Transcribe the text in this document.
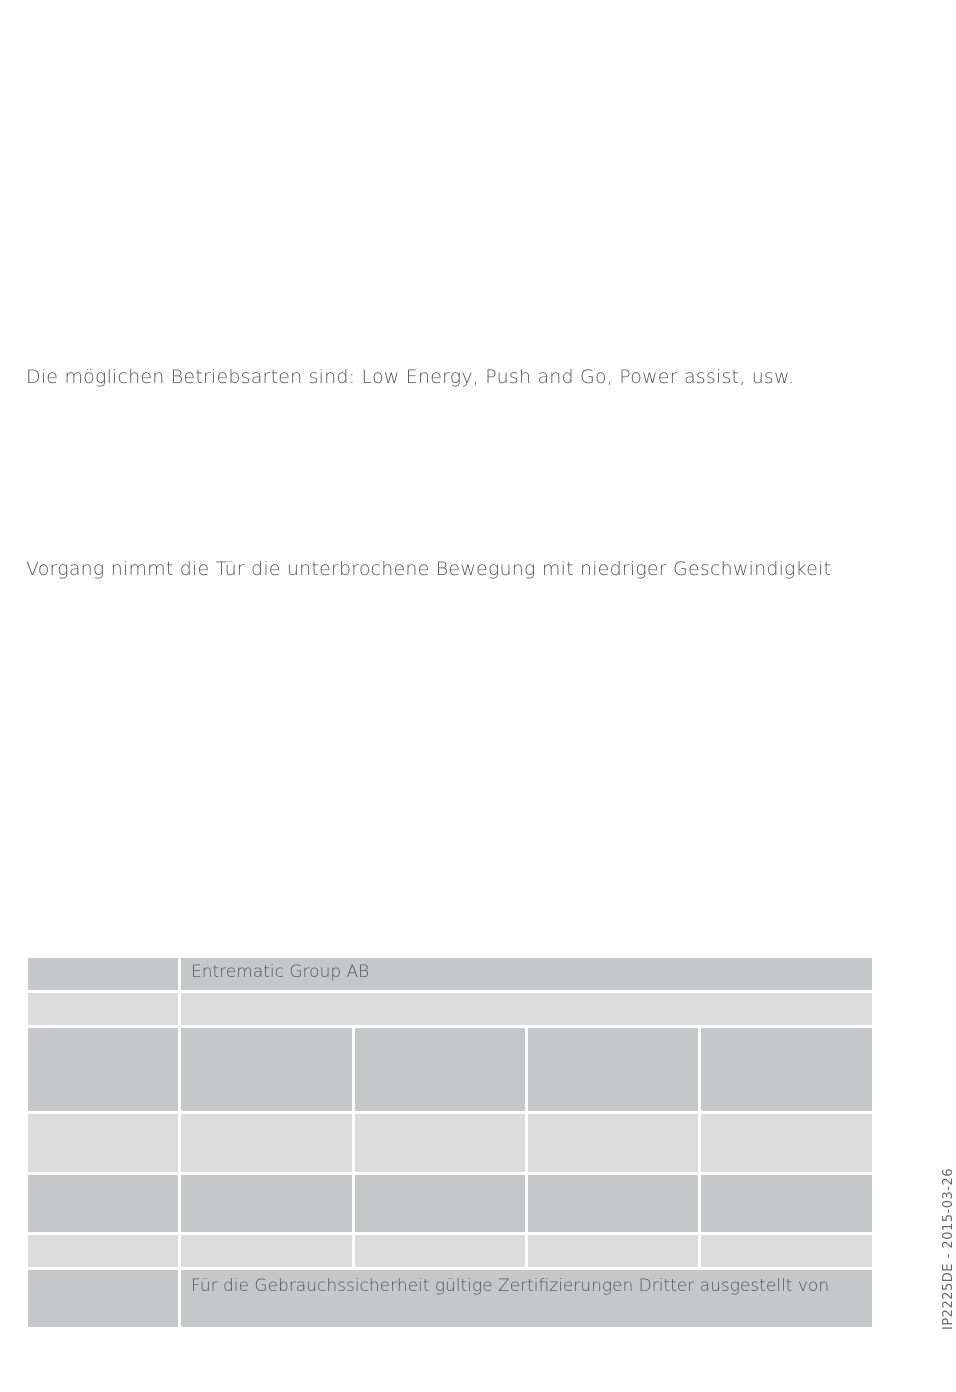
Die möglichen Betriebsarten sind: Low Energy, Push and Go, Power assist, usw.
Vorgang nimmt die Tür die unterbrochene Bewegung mit niedriger Geschwindigkeit
Entrematic Group AB
Für die Gebrauchssicherheit gültige Zertifizierungen Dritter ausgestellt von	IP2225DE - 2015-03-26
